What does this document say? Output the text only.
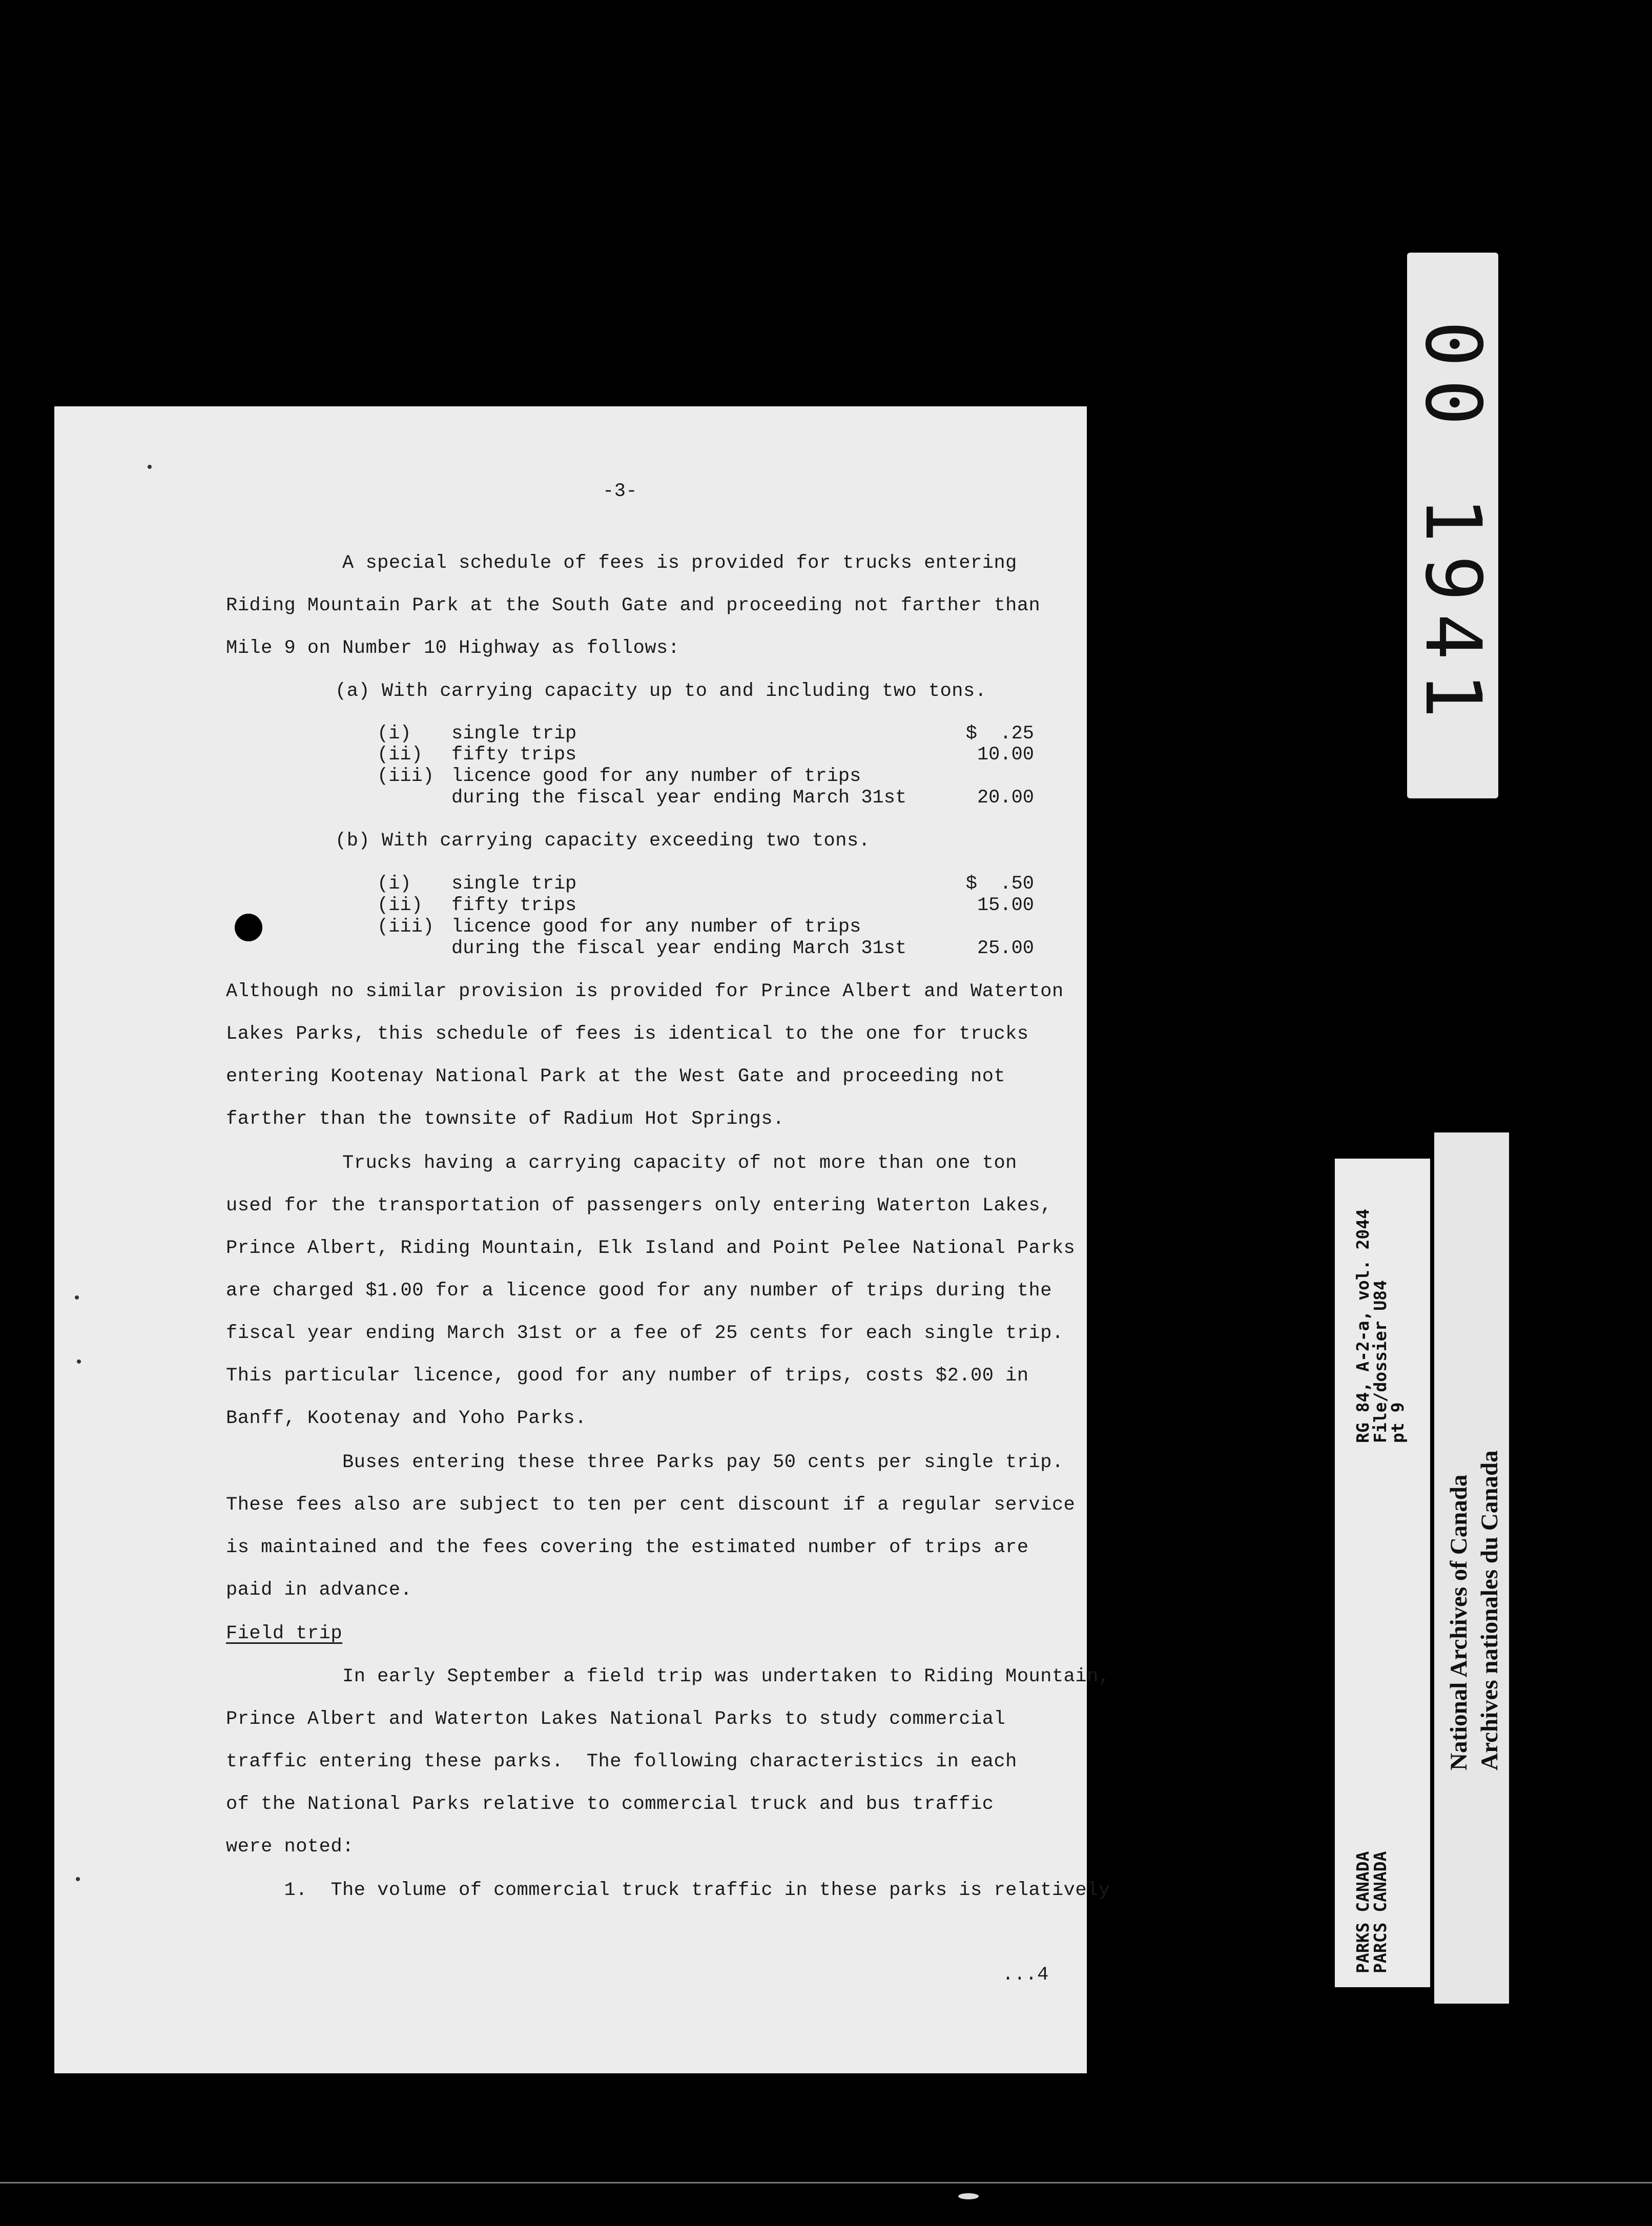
-3-
A special schedule of fees is provided for trucks entering
Riding Mountain Park at the South Gate and proceeding not farther than
Mile 9 on Number 10 Highway as follows:
(a) With carrying capacity up to and including two tons.
(i) single trip	$  .25
(ii) fifty trips	10.00
(iii) licence good for any number of trips
during the fiscal year ending March 31st	20.00
(b) With carrying capacity exceeding two tons.
(i) single trip	$  .50
(ii) fifty trips	15.00
(iii) licence good for any number of trips
during the fiscal year ending March 31st	25.00
Although no similar provision is provided for Prince Albert and Waterton
Lakes Parks, this schedule of fees is identical to the one for trucks
entering Kootenay National Park at the West Gate and proceeding not
farther than the townsite of Radium Hot Springs.
Trucks having a carrying capacity of not more than one ton
used for the transportation of passengers only entering Waterton Lakes,
Prince Albert, Riding Mountain, Elk Island and Point Pelee National Parks
are charged $1.00 for a licence good for any number of trips during the
fiscal year ending March 31st or a fee of 25 cents for each single trip.
This particular licence, good for any number of trips, costs $2.00 in
Banff, Kootenay and Yoho Parks.
Buses entering these three Parks pay 50 cents per single trip.
These fees also are subject to ten per cent discount if a regular service
is maintained and the fees covering the estimated number of trips are
paid in advance.
Field trip
In early September a field trip was undertaken to Riding Mountain,
Prince Albert and Waterton Lakes National Parks to study commercial
traffic entering these parks.  The following characteristics in each
of the National Parks relative to commercial truck and bus traffic
were noted:
1.  The volume of commercial truck traffic in these parks is relatively
...4
00 1941
RG 84, A-2-a, vol. 2044
File/dossier U84
pt 9
PARKS CANADA
PARCS CANADA
National Archives of Canada Archives nationales du Canada
